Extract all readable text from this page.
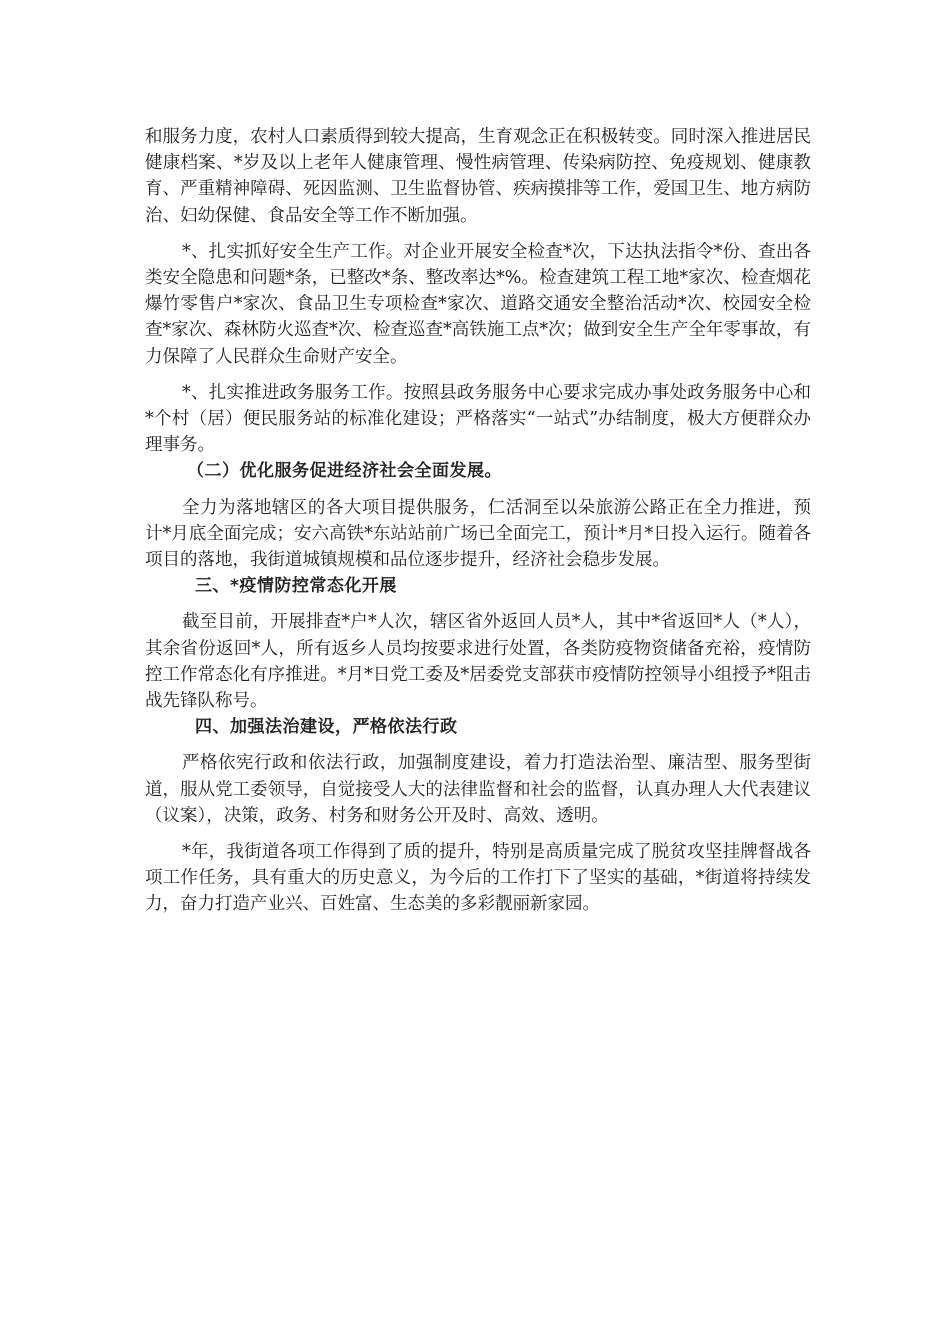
和服务力度，农村人口素质得到较大提高，生育观念正在积极转变。同时深入推进居民健康档案、*岁及以上老年人健康管理、慢性病管理、传染病防控、免疫规划、健康教育、严重精神障碍、死因监测、卫生监督协管、疾病摸排等工作，爱国卫生、地方病防治、妇幼保健、食品安全等工作不断加强。

*、扎实抓好安全生产工作。对企业开展安全检查*次，下达执法指令*份、查出各类安全隐患和问题*条，已整改*条、整改率达*%。检查建筑工程工地*家次、检查烟花爆竹零售户*家次、食品卫生专项检查*家次、道路交通安全整治活动*次、校园安全检查*家次、森林防火巡查*次、检查巡查*高铁施工点*次；做到安全生产全年零事故，有力保障了人民群众生命财产安全。

*、扎实推进政务服务工作。按照县政务服务中心要求完成办事处政务服务中心和*个村（居）便民服务站的标准化建设；严格落实“一站式”办结制度，极大方便群众办理事务。

（二）优化服务促进经济社会全面发展。

全力为落地辖区的各大项目提供服务，仁活洞至以朵旅游公路正在全力推进，预计*月底全面完成；安六高铁*东站站前广场已全面完工，预计*月*日投入运行。随着各项目的落地，我街道城镇规模和品位逐步提升，经济社会稳步发展。

三、*疫情防控常态化开展

截至目前，开展排查*户*人次，辖区省外返回人员*人，其中*省返回*人（*人），其余省份返回*人，所有返乡人员均按要求进行处置，各类防疫物资储备充裕，疫情防控工作常态化有序推进。*月*日党工委及*居委党支部获市疫情防控领导小组授予*阻击战先锋队称号。

四、加强法治建设，严格依法行政

严格依宪行政和依法行政，加强制度建设，着力打造法治型、廉洁型、服务型街道，服从党工委领导，自觉接受人大的法律监督和社会的监督，认真办理人大代表建议（议案），决策，政务、村务和财务公开及时、高效、透明。

*年，我街道各项工作得到了质的提升，特别是高质量完成了脱贫攻坚挂牌督战各项工作任务，具有重大的历史意义，为今后的工作打下了坚实的基础，*街道将持续发力，奋力打造产业兴、百姓富、生态美的多彩靓丽新家园。
